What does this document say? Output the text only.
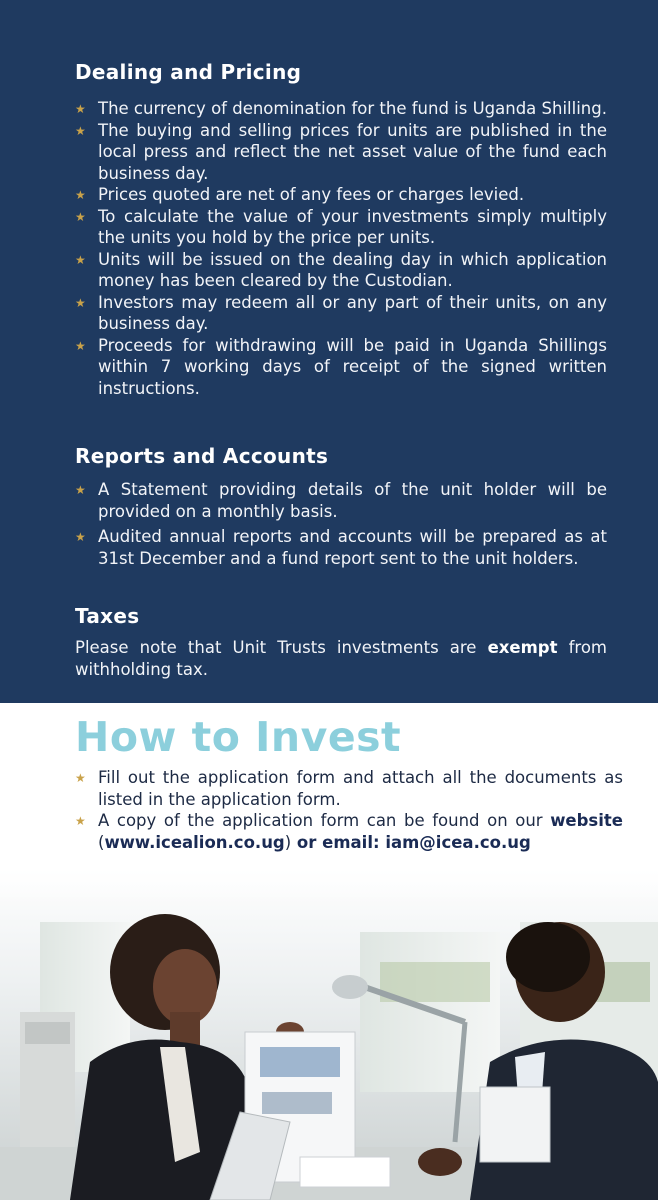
Dealing and Pricing
★ The currency of denomination for the fund is Uganda Shilling.
★ The buying and selling prices for units are published in the local press and reflect the net asset value of the fund each business day.
★ Prices quoted are net of any fees or charges levied.
★ To calculate the value of your investments simply multiply the units you hold by the price per units.
★ Units will be issued on the dealing day in which application money has been cleared by the Custodian.
★ Investors may redeem all or any part of their units, on any business day.
★ Proceeds for withdrawing will be paid in Uganda Shillings within 7 working days of receipt of the signed written instructions.
Reports and Accounts
★ A Statement providing details of the unit holder will be provided on a monthly basis.
★ Audited annual reports and accounts will be prepared as at 31st December and a fund report sent to the unit holders.
Taxes
Please note that Unit Trusts investments are exempt from withholding tax.
How to Invest
★ Fill out the application form and attach all the documents as listed in the application form.
★ A copy of the application form can be found on our website (www.icealion.co.ug) or email: iam@icea.co.ug
